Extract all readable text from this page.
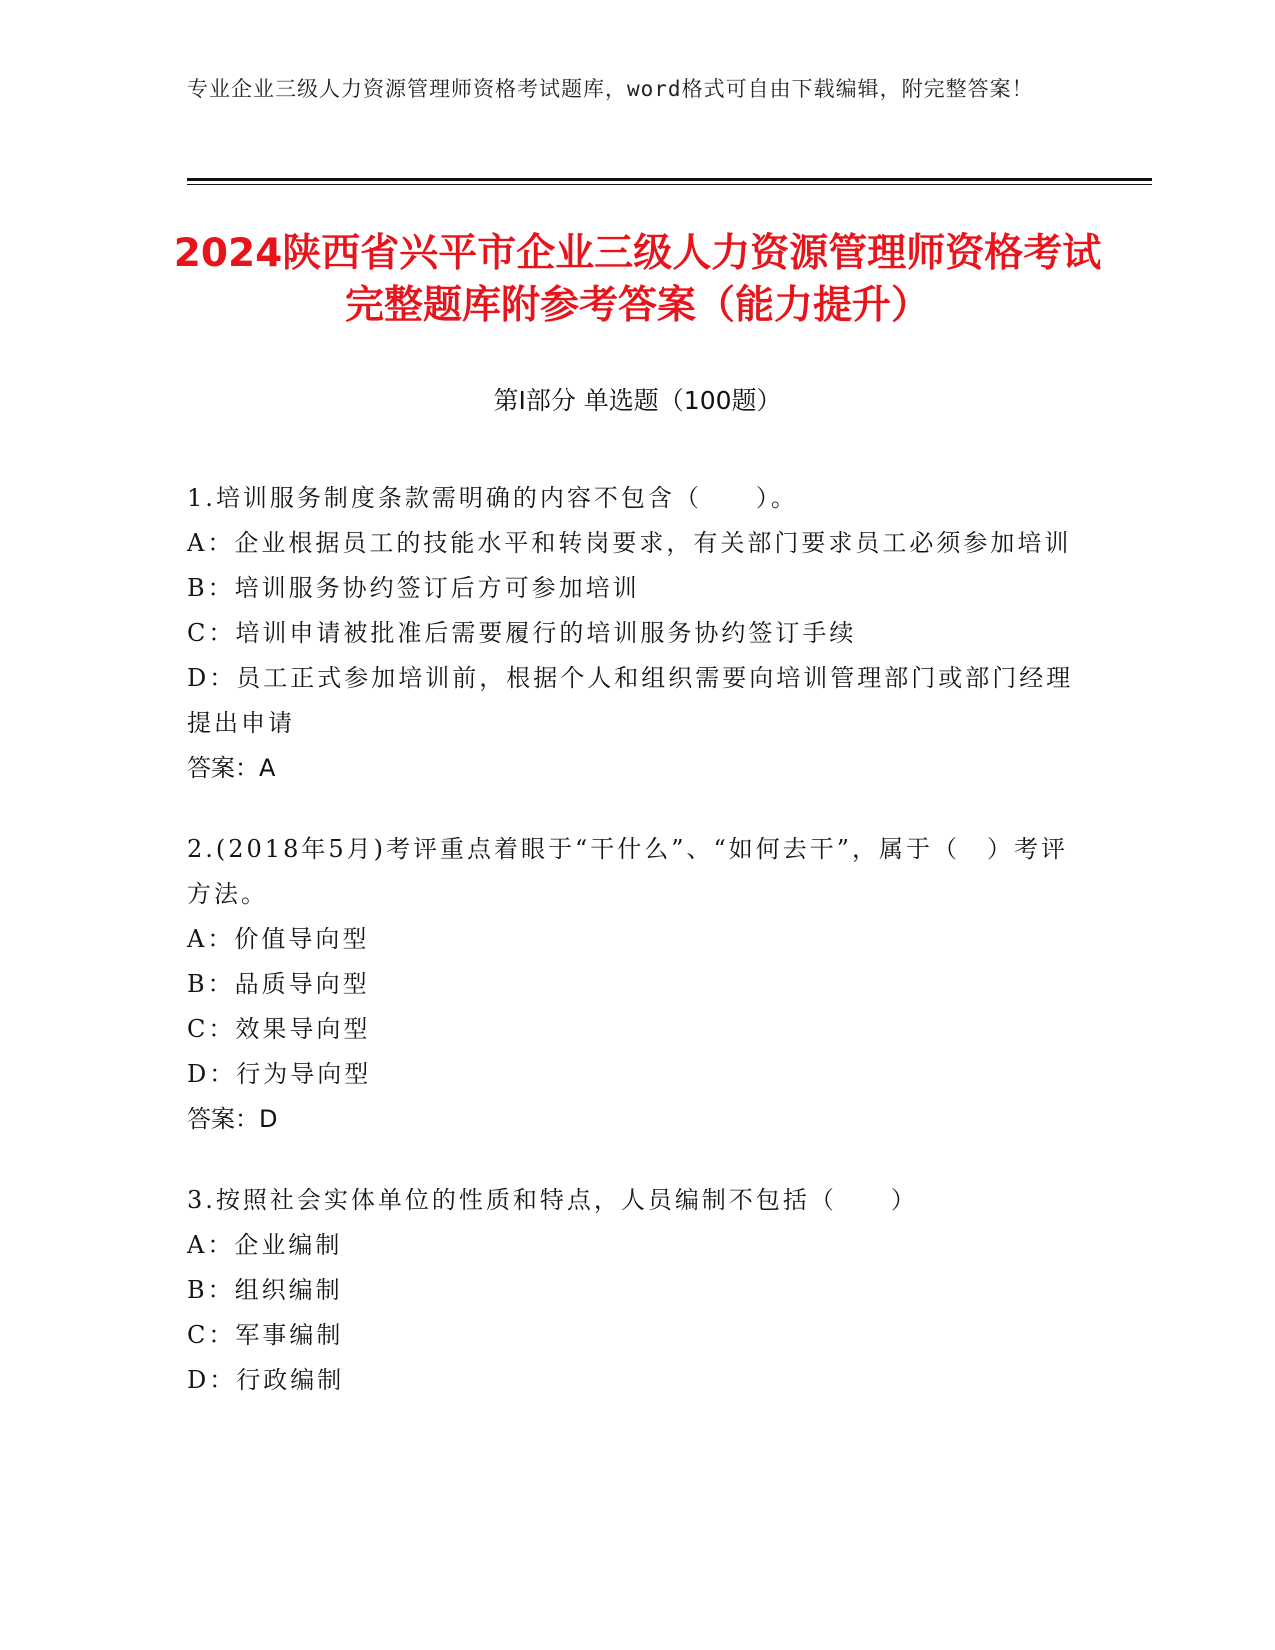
专业企业三级人力资源管理师资格考试题库，word格式可自由下载编辑，附完整答案！
2024陕西省兴平市企业三级人力资源管理师资格考试完整题库附参考答案（能力提升）
第Ⅰ部分 单选题（100题）

1.培训服务制度条款需明确的内容不包含（　　）。

A：企业根据员工的技能水平和转岗要求，有关部门要求员工必须参加培训

B：培训服务协约签订后方可参加培训

C：培训申请被批准后需要履行的培训服务协约签订手续

D：员工正式参加培训前，根据个人和组织需要向培训管理部门或部门经理提出申请

答案：A

2.(2018年5月)考评重点着眼于“干什么”、“如何去干”，属于（　）考评方法。

A：价值导向型

B：品质导向型

C：效果导向型

D：行为导向型

答案：D

3.按照社会实体单位的性质和特点，人员编制不包括（　　）

A：企业编制

B：组织编制

C：军事编制

D：行政编制
